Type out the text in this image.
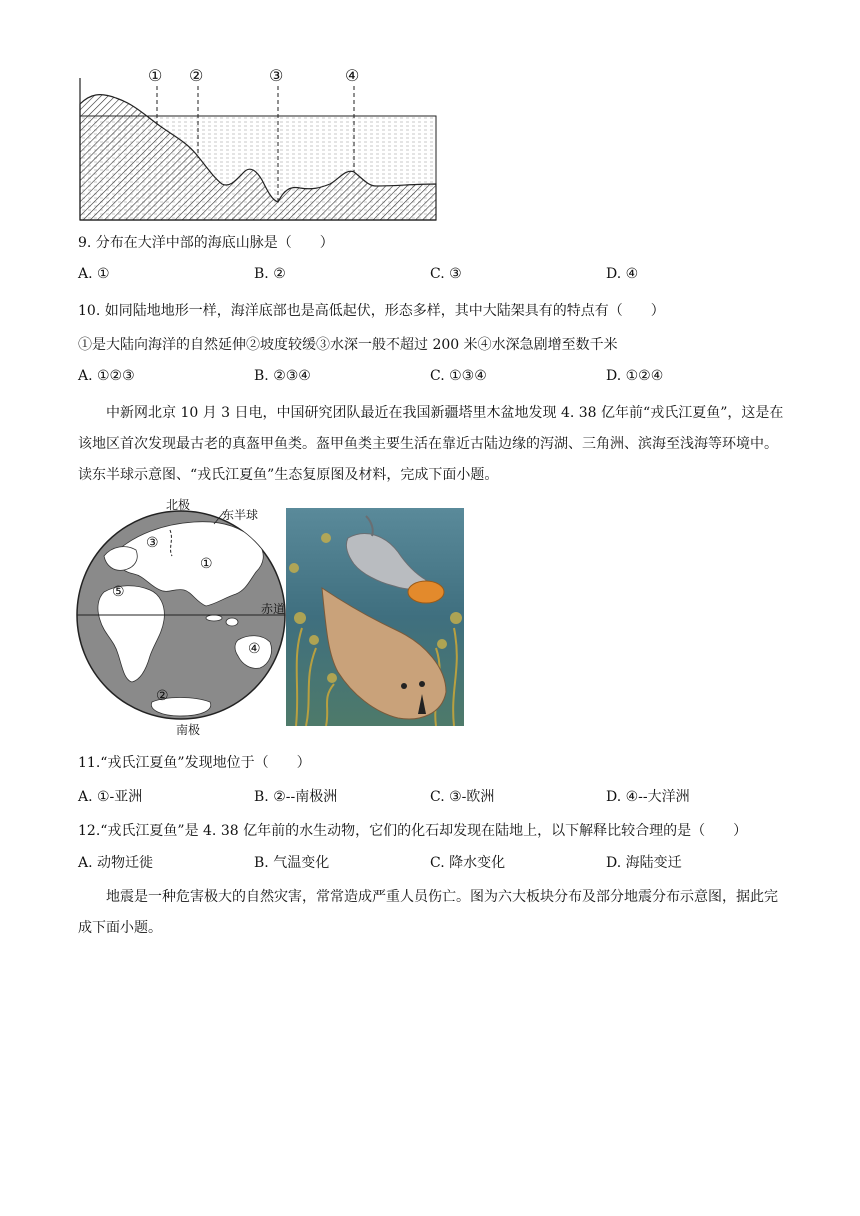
① ②	③	④
9. 分布在大洋中部的海底山脉是（　　）
A. ①	B. ②	C. ③	D. ④
10. 如同陆地地形一样，海洋底部也是高低起伏，形态多样，其中大陆架具有的特点有（　　）
①是大陆向海洋的自然延伸②坡度较缓③水深一般不超过 200 米④水深急剧增至数千米
A. ①②③	B. ②③④	C. ①③④	D. ①②④
中新网北京 10 月 3 日电，中国研究团队最近在我国新疆塔里木盆地发现 4. 38 亿年前“戎氏江夏鱼”，这是在该地区首次发现最古老的真盔甲鱼类。盔甲鱼类主要生活在靠近古陆边缘的泻湖、三角洲、滨海至浅海等环境中。读东半球示意图、“戎氏江夏鱼”生态复原图及材料，完成下面小题。
北极
东半球
赤道
南极
①
②
③
④
⑤
11.“戎氏江夏鱼”发现地位于（　　）
A. ①-亚洲	B. ②--南极洲	C. ③-欧洲	D. ④--大洋洲
12.“戎氏江夏鱼”是 4. 38 亿年前的水生动物，它们的化石却发现在陆地上，以下解释比较合理的是（　　）
A. 动物迁徙	B. 气温变化	C. 降水变化	D. 海陆变迁
地震是一种危害极大的自然灾害，常常造成严重人员伤亡。图为六大板块分布及部分地震分布示意图，据此完成下面小题。
